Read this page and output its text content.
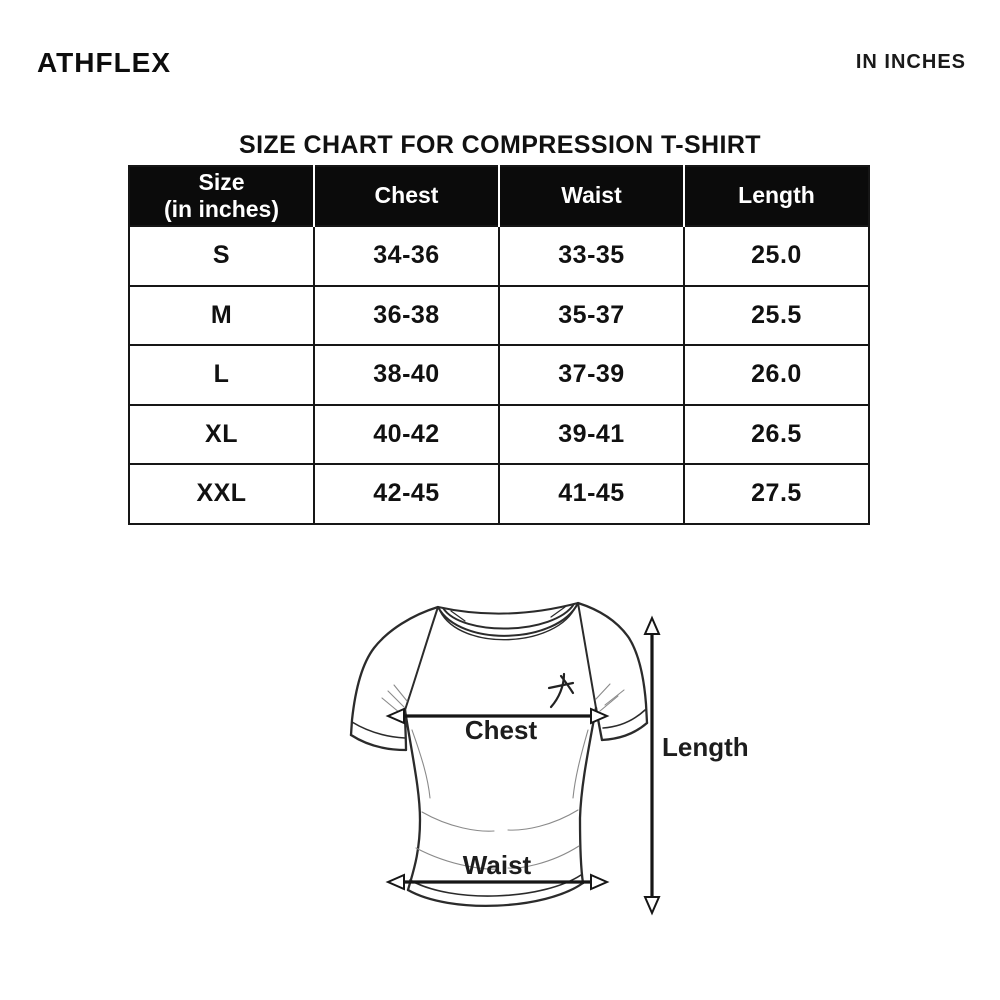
ATHFLEX	IN INCHES
SIZE CHART FOR COMPRESSION T-SHIRT
Size
(in inches)	Chest	Waist	Length
S	34-36	33-35	25.0
M	36-38	35-37	25.5
L	38-40	37-39	26.0
XL	40-42	39-41	26.5
XXL	42-45	41-45	27.5
Chest
Waist
Length
